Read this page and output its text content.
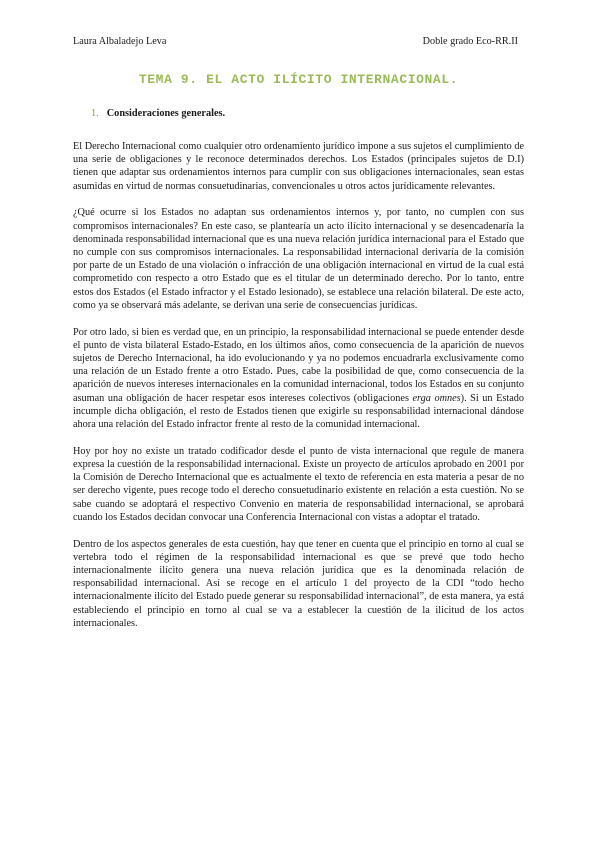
Laura Albaladejo Leva	Doble grado Eco-RR.II
TEMA 9. EL ACTO ILÍCITO INTERNACIONAL.
1. Consideraciones generales.

El Derecho Internacional como cualquier otro ordenamiento jurídico impone a sus sujetos el cumplimiento de una serie de obligaciones y le reconoce determinados derechos. Los Estados (principales sujetos de D.I) tienen que adaptar sus ordenamientos internos para cumplir con sus obligaciones internacionales, sean estas asumidas en virtud de normas consuetudinarias, convencionales u otros actos jurídicamente relevantes.

¿Qué ocurre si los Estados no adaptan sus ordenamientos internos y, por tanto, no cumplen con sus compromisos internacionales? En este caso, se plantearía un acto ilícito internacional y se desencadenaría la denominada responsabilidad internacional que es una nueva relación jurídica internacional para el Estado que no cumple con sus compromisos internacionales. La responsabilidad internacional derivaría de la comisión por parte de un Estado de una violación o infracción de una obligación internacional en virtud de la cual está comprometido con respecto a otro Estado que es el titular de un determinado derecho. Por lo tanto, entre estos dos Estados (el Estado infractor y el Estado lesionado), se establece una relación bilateral. De este acto, como ya se observará más adelante, se derivan una serie de consecuencias jurídicas.

Por otro lado, si bien es verdad que, en un principio, la responsabilidad internacional se puede entender desde el punto de vista bilateral Estado-Estado, en los últimos años, como consecuencia de la aparición de nuevos sujetos de Derecho Internacional, ha ido evolucionando y ya no podemos encuadrarla exclusivamente como una relación de un Estado frente a otro Estado. Pues, cabe la posibilidad de que, como consecuencia de la aparición de nuevos intereses internacionales en la comunidad internacional, todos los Estados en su conjunto asuman una obligación de hacer respetar esos intereses colectivos (obligaciones erga omnes). Si un Estado incumple dicha obligación, el resto de Estados tienen que exigirle su responsabilidad internacional dándose ahora una relación del Estado infractor frente al resto de la comunidad internacional.

Hoy por hoy no existe un tratado codificador desde el punto de vista internacional que regule de manera expresa la cuestión de la responsabilidad internacional. Existe un proyecto de artículos aprobado en 2001 por la Comisión de Derecho Internacional que es actualmente el texto de referencia en esta materia a pesar de no ser derecho vigente, pues recoge todo el derecho consuetudinario existente en relación a esta cuestión. No se sabe cuando se adoptará el respectivo Convenio en materia de responsabilidad internacional, se aprobará cuando los Estados decidan convocar una Conferencia Internacional con vistas a adoptar el tratado.

Dentro de los aspectos generales de esta cuestión, hay que tener en cuenta que el principio en torno al cual se vertebra todo el régimen de la responsabilidad internacional es que se prevé que todo hecho internacionalmente ilícito genera una nueva relación jurídica que es la denominada relación de responsabilidad internacional. Así se recoge en el artículo 1 del proyecto de la CDI “todo hecho internacionalmente ilícito del Estado puede generar su responsabilidad internacional”, de esta manera, ya está estableciendo el principio en torno al cual se va a establecer la cuestión de la ilicitud de los actos internacionales.
